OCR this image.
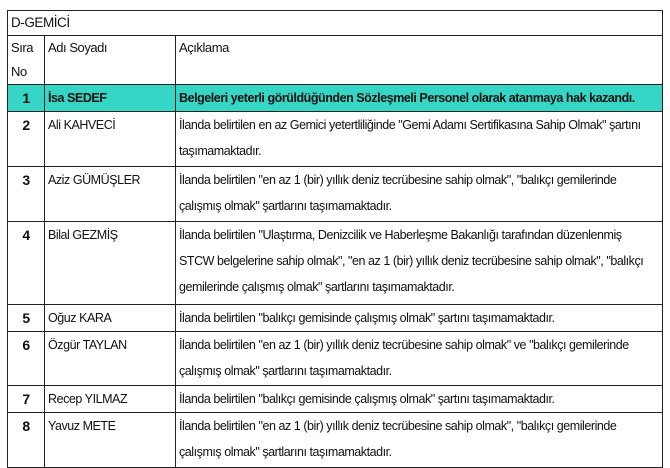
D-GEMİCİ		
Sıra No	Adı Soyadı	Açıklama
1	İsa SEDEF	Belgeleri yeterli görüldüğünden Sözleşmeli Personel olarak atanmaya hak kazandı.
2	Ali KAHVECİ	İlanda belirtilen en az Gemici yetertliliğinde "Gemi Adamı Sertifikasına Sahip Olmak" şartını taşımamaktadır.
3	Aziz GÜMÜŞLER	İlanda belirtilen "en az 1 (bir) yıllık deniz tecrübesine sahip olmak", "balıkçı gemilerinde çalışmış olmak" şartlarını taşımamaktadır.
4	Bilal GEZMİŞ	İlanda belirtilen "Ulaştırma, Denizcilik ve Haberleşme Bakanlığı tarafından düzenlenmiş STCW belgelerine sahip olmak", "en az 1 (bir) yıllık deniz tecrübesine sahip olmak", "balıkçı gemilerinde çalışmış olmak" şartlarını taşımamaktadır.
5	Oğuz KARA	İlanda belirtilen "balıkçı gemisinde çalışmış olmak" şartını taşımamaktadır.
6	Özgür TAYLAN	İlanda belirtilen "en az 1 (bir) yıllık deniz tecrübesine sahip olmak" ve "balıkçı gemilerinde çalışmış olmak" şartlarını taşımamaktadır.
7	Recep YILMAZ	İlanda belirtilen "balıkçı gemisinde çalışmış olmak" şartını taşımamaktadır.
8	Yavuz METE	İlanda belirtilen "en az 1 (bir) yıllık deniz tecrübesine sahip olmak", "balıkçı gemilerinde çalışmış olmak" şartlarını taşımamaktadır.
